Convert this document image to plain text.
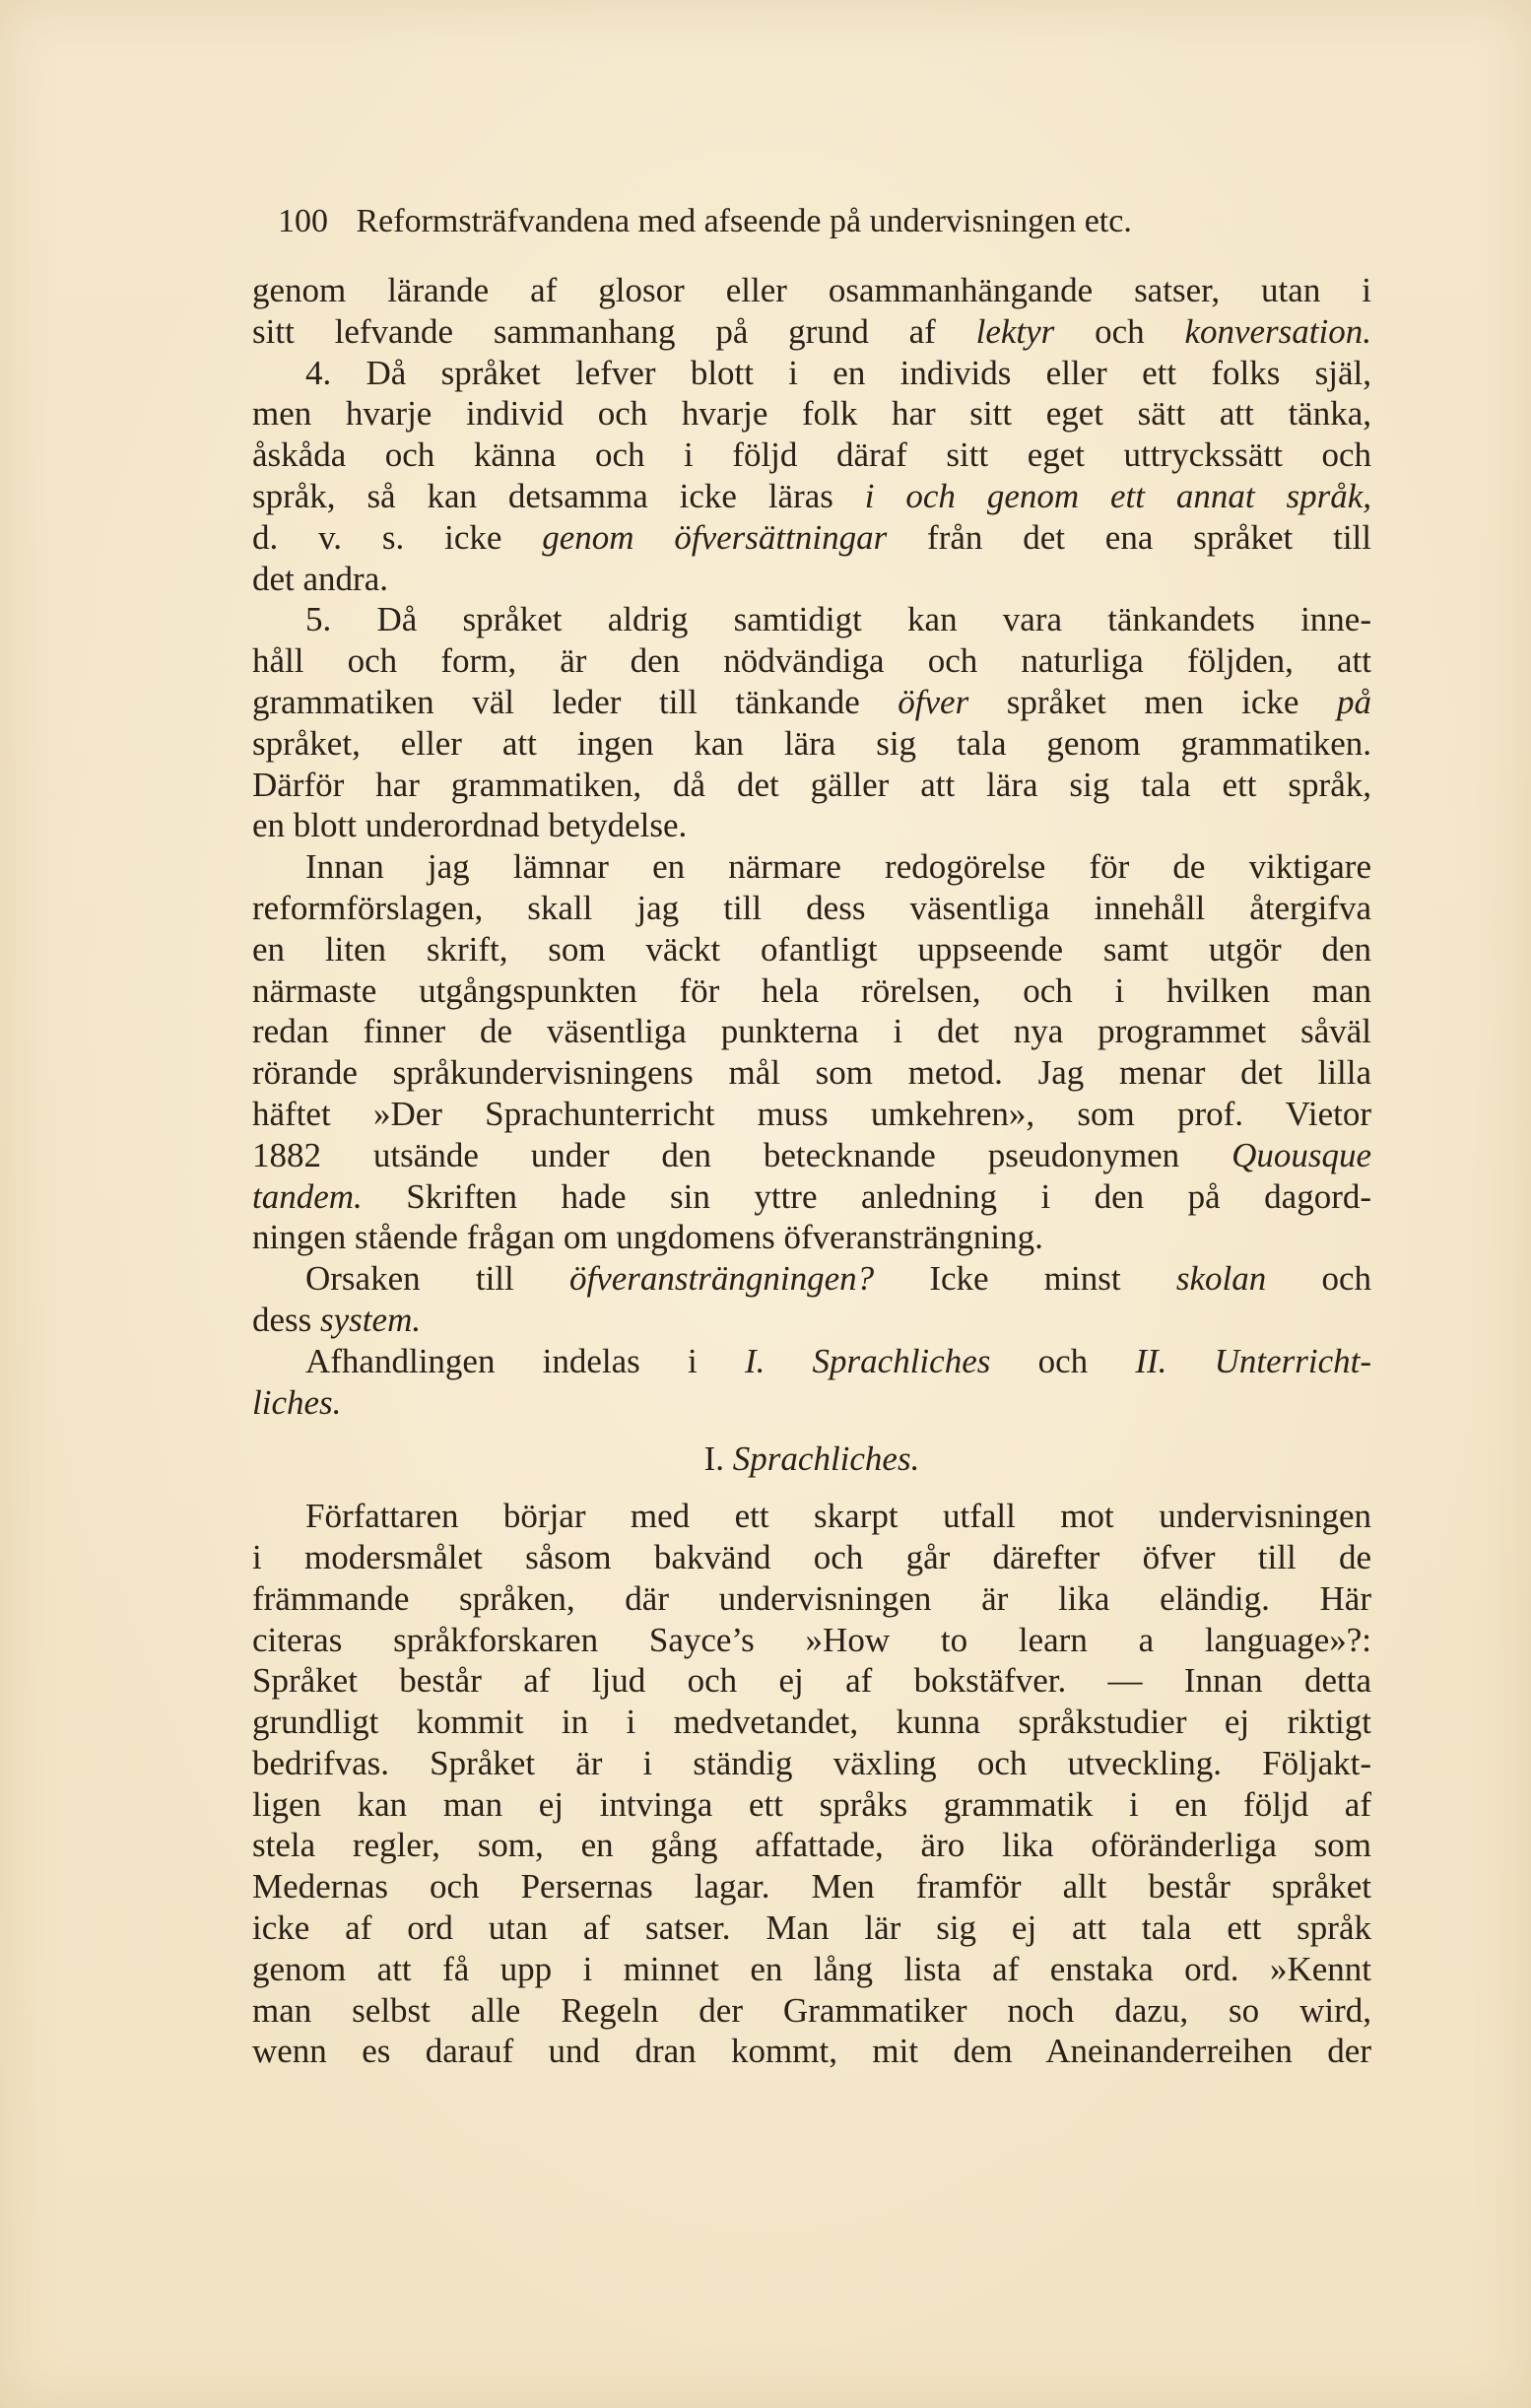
100 Reformsträfvandena med afseende på undervisningen etc.
genom lärande af glosor eller osammanhängande satser, utan i
sitt lefvande sammanhang på grund af lektyr och konversation.
4. Då språket lefver blott i en individs eller ett folks själ,
men hvarje individ och hvarje folk har sitt eget sätt att tänka,
åskåda och känna och i följd däraf sitt eget uttryckssätt och
språk, så kan detsamma icke läras i och genom ett annat språk,
d. v. s. icke genom öfversättningar från det ena språket till
det andra.
5. Då språket aldrig samtidigt kan vara tänkandets inne-
håll och form, är den nödvändiga och naturliga följden, att
grammatiken väl leder till tänkande öfver språket men icke på
språket, eller att ingen kan lära sig tala genom grammatiken.
Därför har grammatiken, då det gäller att lära sig tala ett språk,
en blott underordnad betydelse.
Innan jag lämnar en närmare redogörelse för de viktigare
reformförslagen, skall jag till dess väsentliga innehåll återgifva
en liten skrift, som väckt ofantligt uppseende samt utgör den
närmaste utgångspunkten för hela rörelsen, och i hvilken man
redan finner de väsentliga punkterna i det nya programmet såväl
rörande språkundervisningens mål som metod. Jag menar det lilla
häftet »Der Sprachunterricht muss umkehren», som prof. Vietor
1882 utsände under den betecknande pseudonymen Quousque
tandem. Skriften hade sin yttre anledning i den på dagord-
ningen stående frågan om ungdomens öfveransträngning.
Orsaken till öfveransträngningen? Icke minst skolan och
dess system.
Afhandlingen indelas i I. Sprachliches och II. Unterricht-
liches.
I. Sprachliches.
Författaren börjar med ett skarpt utfall mot undervisningen
i modersmålet såsom bakvänd och går därefter öfver till de
främmande språken, där undervisningen är lika eländig. Här
citeras språkforskaren Sayce’s »How to learn a language»?:
Språket består af ljud och ej af bokstäfver. — Innan detta
grundligt kommit in i medvetandet, kunna språkstudier ej riktigt
bedrifvas. Språket är i ständig växling och utveckling. Följakt-
ligen kan man ej intvinga ett språks grammatik i en följd af
stela regler, som, en gång affattade, äro lika oföränderliga som
Medernas och Persernas lagar. Men framför allt består språket
icke af ord utan af satser. Man lär sig ej att tala ett språk
genom att få upp i minnet en lång lista af enstaka ord. »Kennt
man selbst alle Regeln der Grammatiker noch dazu, so wird,
wenn es darauf und dran kommt, mit dem Aneinanderreihen der
